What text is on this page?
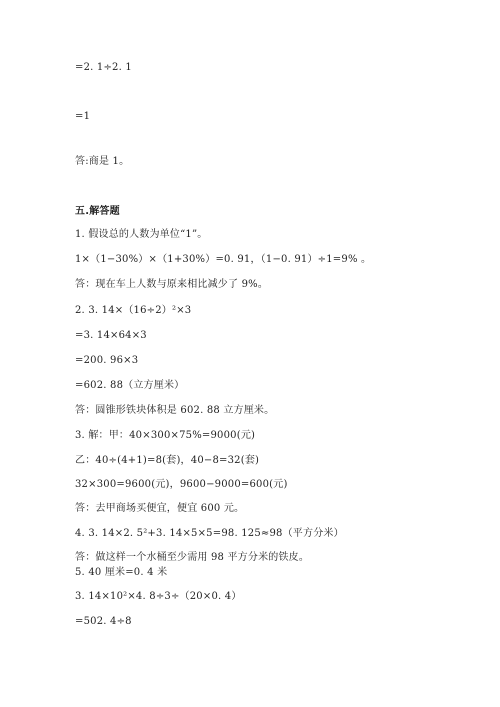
=2. 1÷2. 1
=1
答:商是 1。
五.解答题
1. 假设总的人数为单位“1”。
1×（1−30%）×（1+30%）=0. 91，（1−0. 91）÷1=9% 。
答：现在车上人数与原来相比减少了 9%。
2. 3. 14×（16÷2）²×3
=3. 14×64×3
=200. 96×3
=602. 88（立方厘米）
答：圆锥形铁块体积是 602. 88 立方厘米。
3. 解：甲：40×300×75%=9000(元)
乙：40÷(4+1)=8(套)，40−8=32(套)
32×300=9600(元)，9600−9000=600(元)
答：去甲商场买便宜，便宜 600 元。
4. 3. 14×2. 5²+3. 14×5×5=98. 125≈98（平方分米）
答：做这样一个水桶至少需用 98 平方分米的铁皮。
5. 40 厘米=0. 4 米
3. 14×10²×4. 8÷3÷（20×0. 4）
=502. 4÷8
